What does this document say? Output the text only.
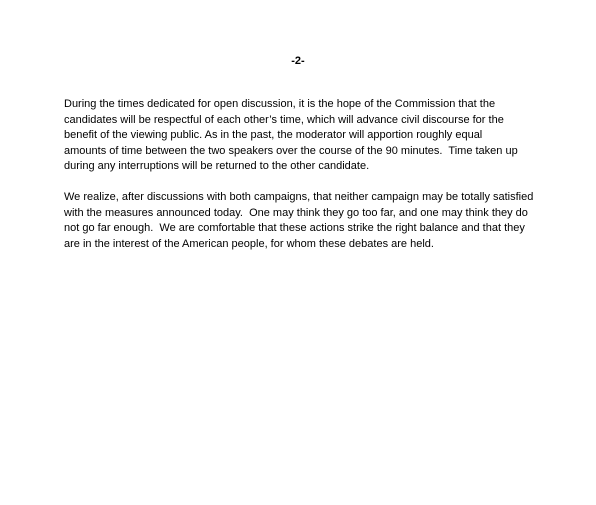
-2-

During the times dedicated for open discussion, it is the hope of the Commission that the
candidates will be respectful of each other’s time, which will advance civil discourse for the
benefit of the viewing public. As in the past, the moderator will apportion roughly equal
amounts of time between the two speakers over the course of the 90 minutes.  Time taken up
during any interruptions will be returned to the other candidate.

We realize, after discussions with both campaigns, that neither campaign may be totally satisfied
with the measures announced today.  One may think they go too far, and one may think they do
not go far enough.  We are comfortable that these actions strike the right balance and that they
are in the interest of the American people, for whom these debates are held.
